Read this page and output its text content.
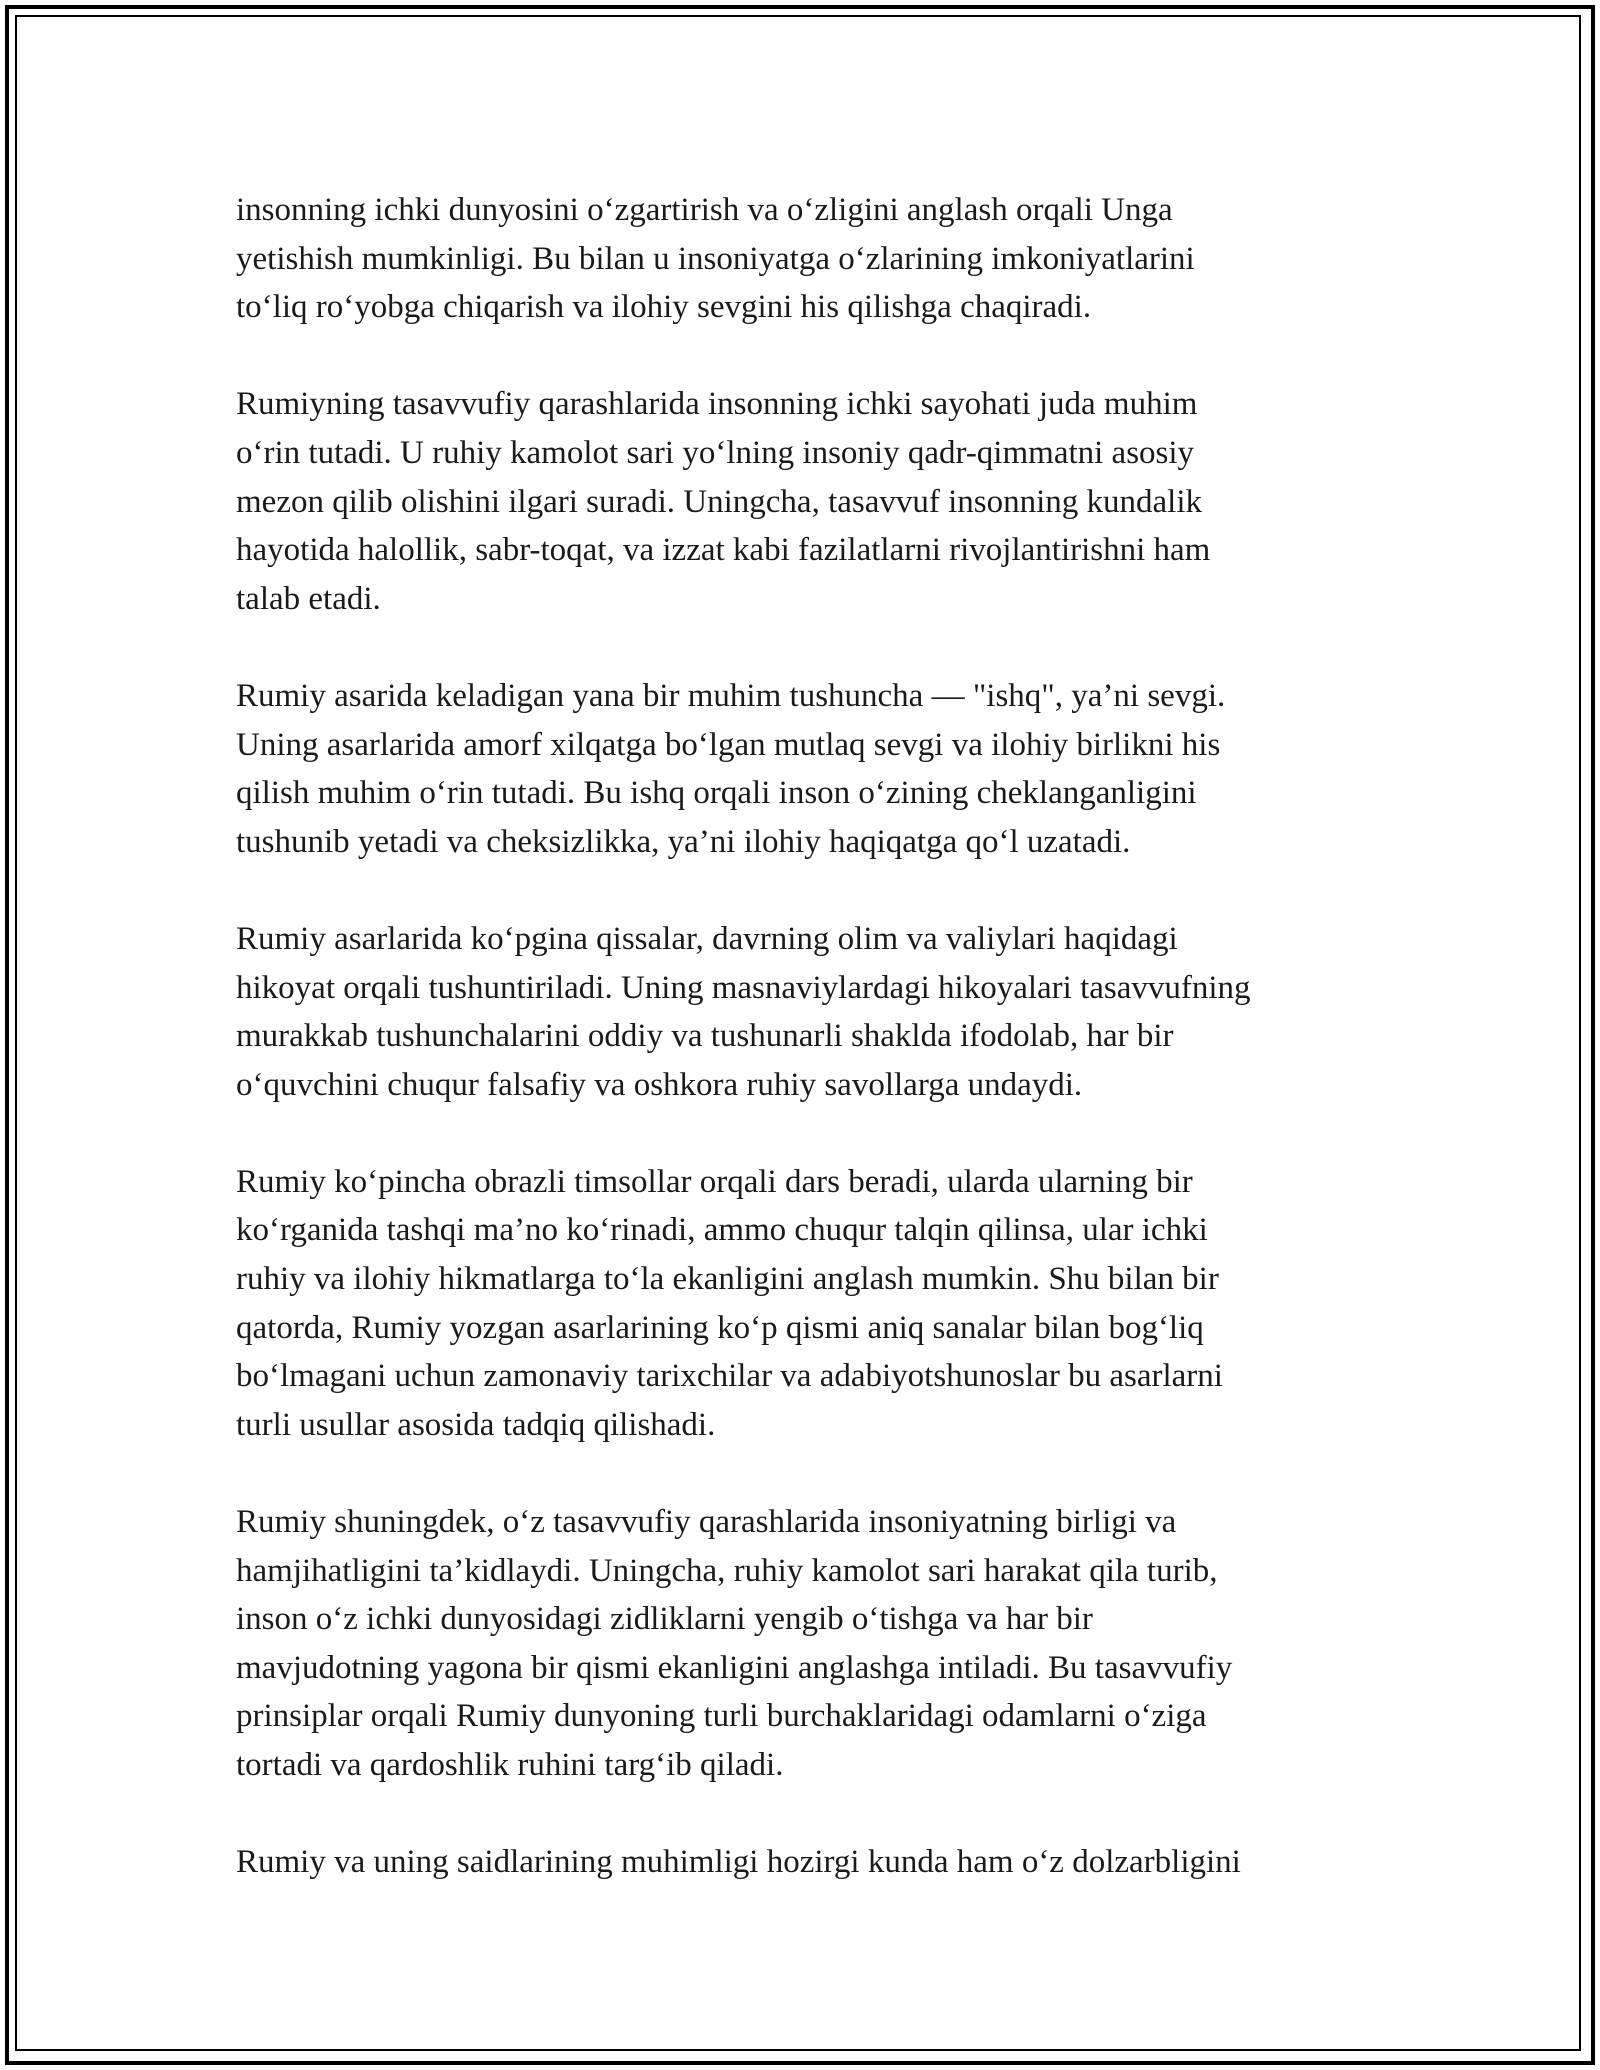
insonning ichki dunyosini o‘zgartirish va o‘zligini anglash orqali Unga
yetishish mumkinligi. Bu bilan u insoniyatga o‘zlarining imkoniyatlarini
to‘liq ro‘yobga chiqarish va ilohiy sevgini his qilishga chaqiradi.

Rumiyning tasavvufiy qarashlarida insonning ichki sayohati juda muhim
o‘rin tutadi. U ruhiy kamolot sari yo‘lning insoniy qadr-qimmatni asosiy
mezon qilib olishini ilgari suradi. Uningcha, tasavvuf insonning kundalik
hayotida halollik, sabr-toqat, va izzat kabi fazilatlarni rivojlantirishni ham
talab etadi.

Rumiy asarida keladigan yana bir muhim tushuncha — "ishq", ya’ni sevgi.
Uning asarlarida amorf xilqatga bo‘lgan mutlaq sevgi va ilohiy birlikni his
qilish muhim o‘rin tutadi. Bu ishq orqali inson o‘zining cheklanganligini
tushunib yetadi va cheksizlikka, ya’ni ilohiy haqiqatga qo‘l uzatadi.

Rumiy asarlarida ko‘pgina qissalar, davrning olim va valiylari haqidagi
hikoyat orqali tushuntiriladi. Uning masnaviylardagi hikoyalari tasavvufning
murakkab tushunchalarini oddiy va tushunarli shaklda ifodolab, har bir
o‘quvchini chuqur falsafiy va oshkora ruhiy savollarga undaydi.

Rumiy ko‘pincha obrazli timsollar orqali dars beradi, ularda ularning bir
ko‘rganida tashqi ma’no ko‘rinadi, ammo chuqur talqin qilinsa, ular ichki
ruhiy va ilohiy hikmatlarga to‘la ekanligini anglash mumkin. Shu bilan bir
qatorda, Rumiy yozgan asarlarining ko‘p qismi aniq sanalar bilan bog‘liq
bo‘lmagani uchun zamonaviy tarixchilar va adabiyotshunoslar bu asarlarni
turli usullar asosida tadqiq qilishadi.

Rumiy shuningdek, o‘z tasavvufiy qarashlarida insoniyatning birligi va
hamjihatligini ta’kidlaydi. Uningcha, ruhiy kamolot sari harakat qila turib,
inson o‘z ichki dunyosidagi zidliklarni yengib o‘tishga va har bir
mavjudotning yagona bir qismi ekanligini anglashga intiladi. Bu tasavvufiy
prinsiplar orqali Rumiy dunyoning turli burchaklaridagi odamlarni o‘ziga
tortadi va qardoshlik ruhini targ‘ib qiladi.

Rumiy va uning saidlarining muhimligi hozirgi kunda ham o‘z dolzarbligini
